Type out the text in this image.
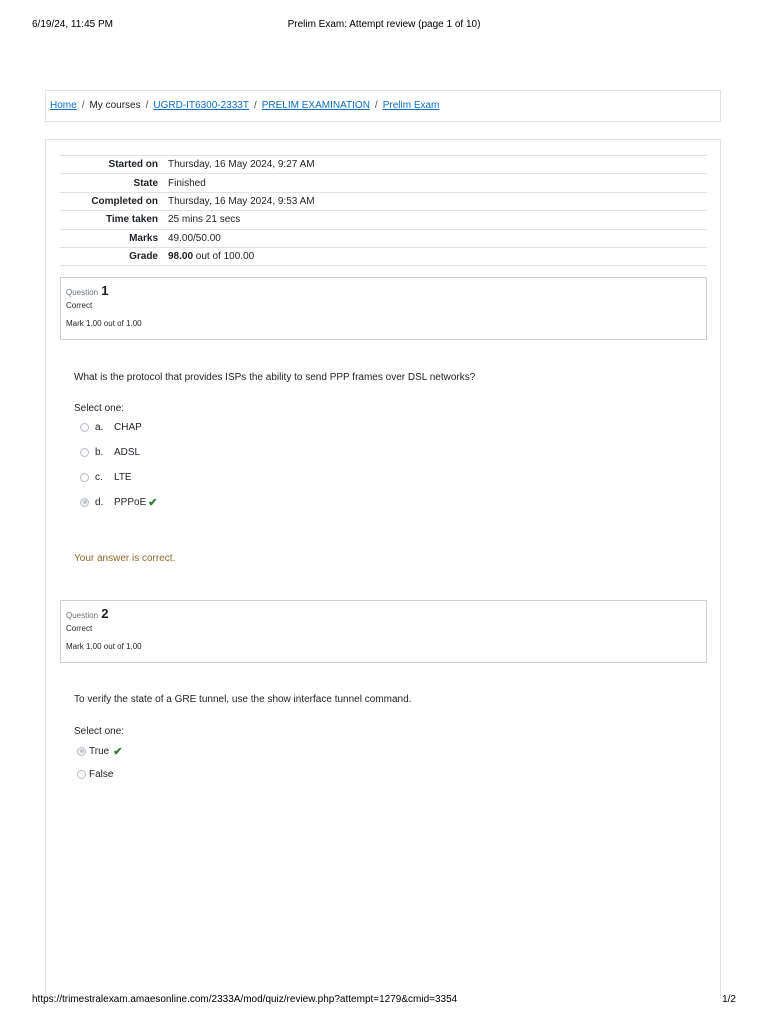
6/19/24, 11:45 PM	Prelim Exam: Attempt review (page 1 of 10)
Home / My courses / UGRD-IT6300-2333T / PRELIM EXAMINATION / Prelim Exam
Started on	Thursday, 16 May 2024, 9:27 AM
State	Finished
Completed on	Thursday, 16 May 2024, 9:53 AM
Time taken	25 mins 21 secs
Marks	49.00/50.00
Grade	98.00 out of 100.00
Question 1
Correct
Mark 1.00 out of 1.00
What is the protocol that provides ISPs the ability to send PPP frames over DSL networks?
Select one:
a.	CHAP
b.	ADSL
c.	LTE
d.	PPPoE ✔
Your answer is correct.
Question 2
Correct
Mark 1.00 out of 1.00
To verify the state of a GRE tunnel, use the show interface tunnel command.
Select one:
True ✔
False
https://trimestralexam.amaesonline.com/2333A/mod/quiz/review.php?attempt=1279&cmid=3354	1/2
